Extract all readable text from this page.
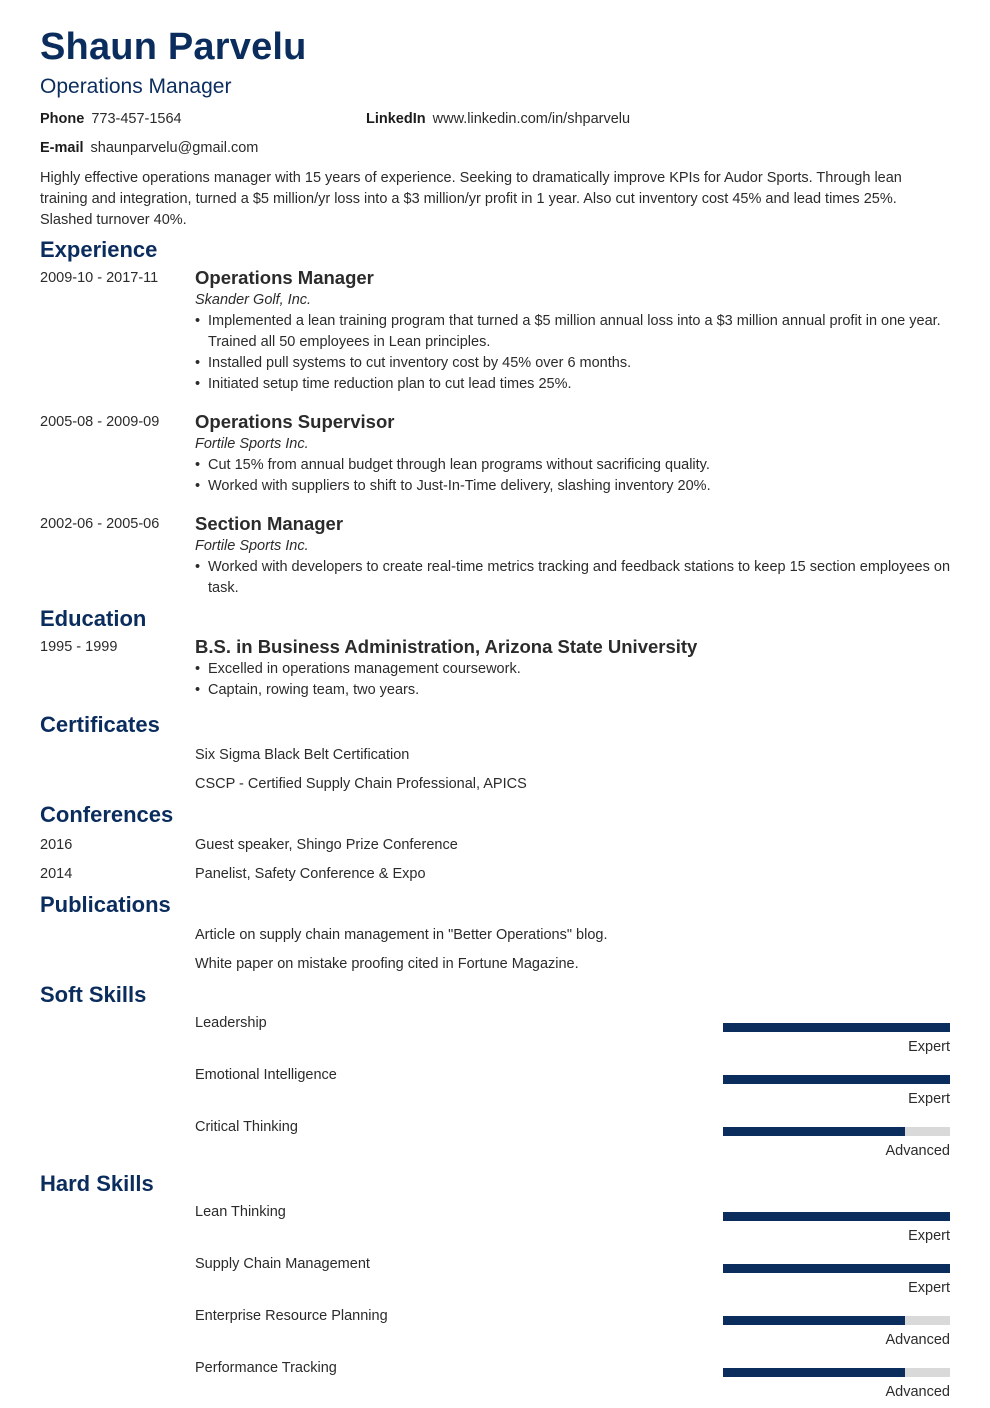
Shaun Parvelu
Operations Manager
Phone 773-457-1564	LinkedIn www.linkedin.com/in/shparvelu
E-mail shaunparvelu@gmail.com
Highly effective operations manager with 15 years of experience. Seeking to dramatically improve KPIs for Audor Sports. Through lean training and integration, turned a $5 million/yr loss into a $3 million/yr profit in 1 year. Also cut inventory cost 45% and lead times 25%. Slashed turnover 40%.
Experience
2009-10 - 2017-11 Operations Manager
Skander Golf, Inc.
• Implemented a lean training program that turned a $5 million annual loss into a $3 million annual profit in one year. Trained all 50 employees in Lean principles.
• Installed pull systems to cut inventory cost by 45% over 6 months.
• Initiated setup time reduction plan to cut lead times 25%.
2005-08 - 2009-09 Operations Supervisor
Fortile Sports Inc.
• Cut 15% from annual budget through lean programs without sacrificing quality.
• Worked with suppliers to shift to Just-In-Time delivery, slashing inventory 20%.
2002-06 - 2005-06 Section Manager
Fortile Sports Inc.
• Worked with developers to create real-time metrics tracking and feedback stations to keep 15 section employees on task.
Education
1995 - 1999	B.S. in Business Administration, Arizona State University
• Excelled in operations management coursework.
• Captain, rowing team, two years.
Certificates
Six Sigma Black Belt Certification
CSCP - Certified Supply Chain Professional, APICS
Conferences
2016	Guest speaker, Shingo Prize Conference
2014	Panelist, Safety Conference & Expo
Publications
Article on supply chain management in "Better Operations" blog.
White paper on mistake proofing cited in Fortune Magazine.
Soft Skills
Leadership
Expert
Emotional Intelligence
Expert
Critical Thinking
Advanced
Hard Skills
Lean Thinking
Expert
Supply Chain Management
Expert
Enterprise Resource Planning
Advanced
Performance Tracking
Advanced
